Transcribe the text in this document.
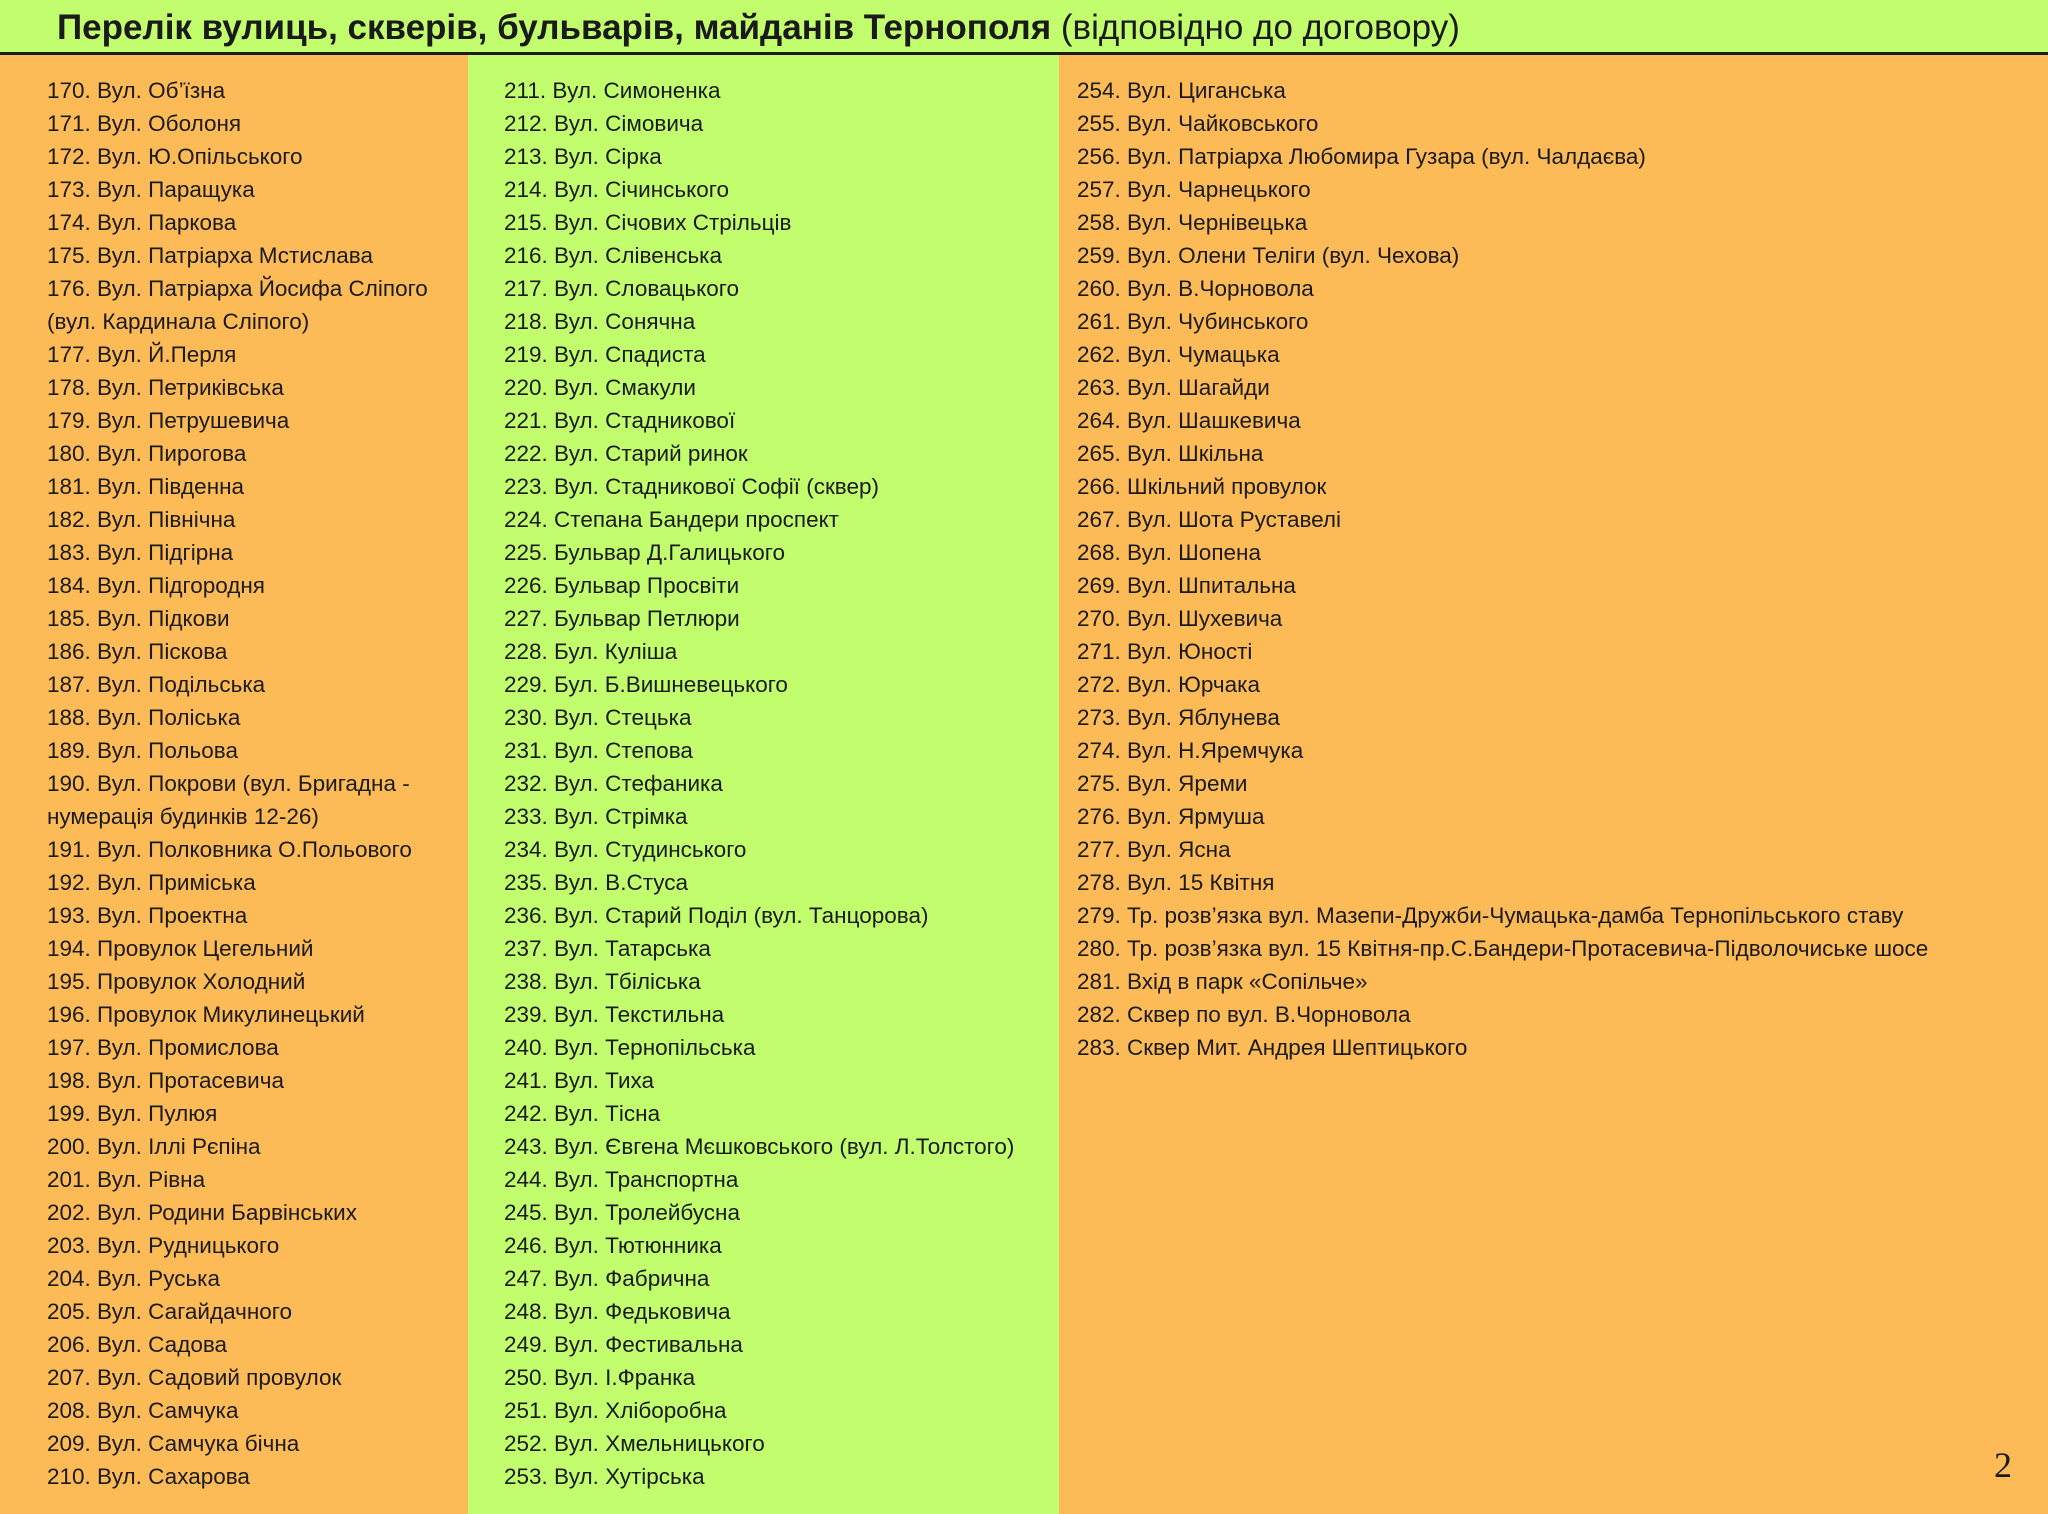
Перелік вулиць, скверів, бульварів, майданів Тернополя (відповідно до договору)
170. Вул. Об’їзна
171. Вул. Оболоня
172. Вул. Ю.Опільського
173. Вул. Паращука
174. Вул. Паркова
175. Вул. Патріарха Мстислава
176. Вул. Патріарха Йосифа Сліпого
(вул. Кардинала Сліпого)
177. Вул. Й.Перля
178. Вул. Петриківська
179. Вул. Петрушевича
180. Вул. Пирогова
181. Вул. Південна
182. Вул. Північна
183. Вул. Підгірна
184. Вул. Підгородня
185. Вул. Підкови
186. Вул. Піскова
187. Вул. Подільська
188. Вул. Поліська
189. Вул. Польова
190. Вул. Покрови (вул. Бригадна -
нумерація будинків 12-26)
191. Вул. Полковника О.Польового
192. Вул. Приміська
193. Вул. Проектна
194. Провулок Цегельний
195. Провулок Холодний
196. Провулок Микулинецький
197. Вул. Промислова
198. Вул. Протасевича
199. Вул. Пулюя
200. Вул. Іллі Рєпіна
201. Вул. Рівна
202. Вул. Родини Барвінських
203. Вул. Рудницького
204. Вул. Руська
205. Вул. Сагайдачного
206. Вул. Садова
207. Вул. Садовий провулок
208. Вул. Самчука
209. Вул. Самчука бічна
210. Вул. Сахарова
211. Вул. Симоненка
212. Вул. Сімовича
213. Вул. Сірка
214. Вул. Січинського
215. Вул. Січових Стрільців
216. Вул. Слівенська
217. Вул. Словацького
218. Вул. Сонячна
219. Вул. Спадиста
220. Вул. Смакули
221. Вул. Стадникової
222. Вул. Старий ринок
223. Вул. Стадникової Софії (сквер)
224. Степана Бандери проспект
225. Бульвар Д.Галицького
226. Бульвар Просвіти
227. Бульвар Петлюри
228. Бул. Куліша
229. Бул. Б.Вишневецького
230. Вул. Стецька
231. Вул. Степова
232. Вул. Стефаника
233. Вул. Стрімка
234. Вул. Студинського
235. Вул. В.Стуса
236. Вул. Старий Поділ (вул. Танцорова)
237. Вул. Татарська
238. Вул. Тбіліська
239. Вул. Текстильна
240. Вул. Тернопільська
241. Вул. Тиха
242. Вул. Тісна
243. Вул. Євгена Мєшковського (вул. Л.Толстого)
244. Вул. Транспортна
245. Вул. Тролейбусна
246. Вул. Тютюнника
247. Вул. Фабрична
248. Вул. Федьковича
249. Вул. Фестивальна
250. Вул. І.Франка
251. Вул. Хліборобна
252. Вул. Хмельницького
253. Вул. Хутірська
254. Вул. Циганська
255. Вул. Чайковського
256. Вул. Патріарха Любомира Гузара (вул. Чалдаєва)
257. Вул. Чарнецького
258. Вул. Чернівецька
259. Вул. Олени Теліги (вул. Чехова)
260. Вул. В.Чорновола
261. Вул. Чубинського
262. Вул. Чумацька
263. Вул. Шагайди
264. Вул. Шашкевича
265. Вул. Шкільна
266. Шкільний провулок
267. Вул. Шота Руставелі
268. Вул. Шопена
269. Вул. Шпитальна
270. Вул. Шухевича
271. Вул. Юності
272. Вул. Юрчака
273. Вул. Яблунева
274. Вул. Н.Яремчука
275. Вул. Яреми
276. Вул. Ярмуша
277. Вул. Ясна
278. Вул. 15 Квітня
279. Тр. розв’язка вул. Мазепи-Дружби-Чумацька-дамба Тернопільського ставу
280. Тр. розв’язка вул. 15 Квітня-пр.С.Бандери-Протасевича-Підволочиське шосе
281. Вхід в парк «Сопільче»
282. Сквер по вул. В.Чорновола
283. Сквер Мит. Андрея Шептицького
2
